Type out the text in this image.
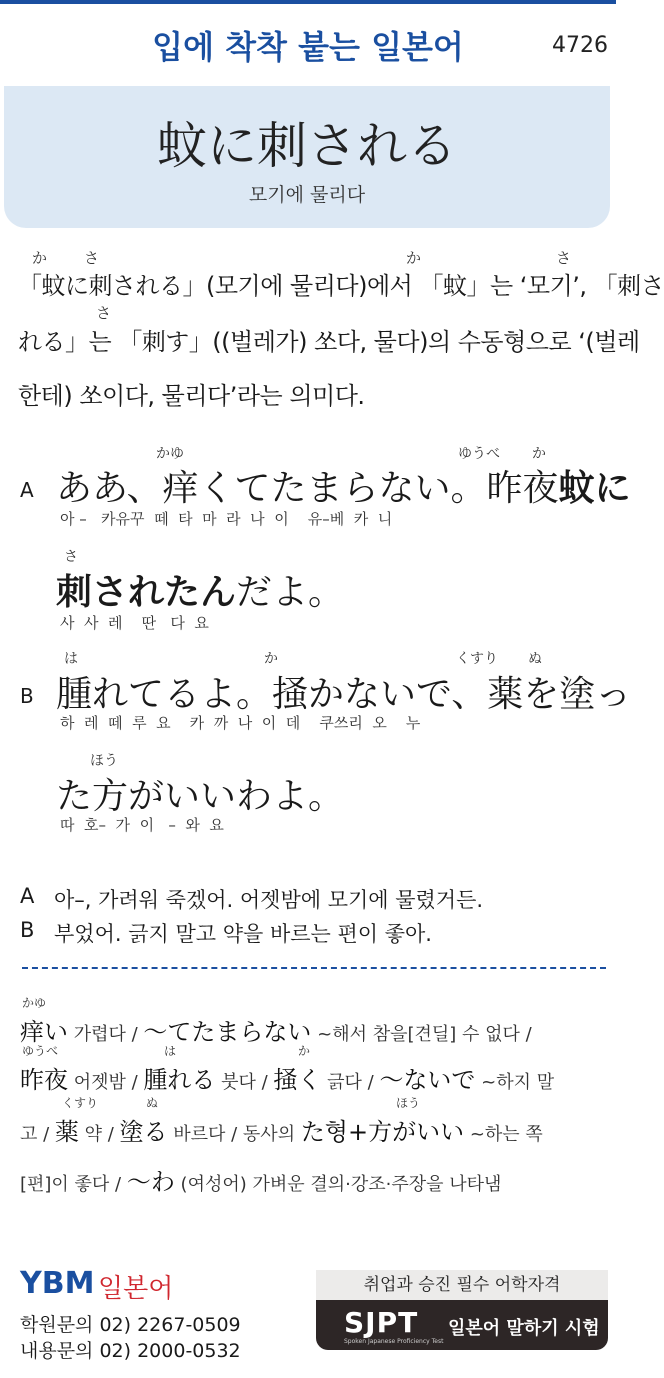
입에 착착 붙는 일본어	4726
蚊に刺される
모기에 물리다
か さ	か	さ
「蚊に刺される」(모기에 물리다)에서 「蚊」는 ‘모기’, 「刺さ
さ
れる」는 「刺す」((벌레가) 쏘다, 물다)의 수동형으로 ‘(벌레
한테) 쏘이다, 물리다’라는 의미다.
かゆ	ゆうべ か
A ああ、痒くてたまらない。昨夜蚊に
아 –   카유꾸  떼  타  마  라  나  이    유–베  카  니
さ
刺されたんだよ。
사  사  레    딴   다  요
は	か	くすり ぬ
B 腫れてるよ。掻かないで、薬を塗っ
하  레  떼  루  요    카  까  나  이  데    쿠쓰리  오    누
ほう
た方がいいわよ。
따  호–  가  이   –  와  요
A 아–, 가려워 죽겠어. 어젯밤에 모기에 물렸거든.
B 부었어. 긁지 말고 약을 바르는 편이 좋아.
かゆ
痒い 가렵다 / 〜てたまらない ~해서 참을[견딜] 수 없다 /
ゆうべ	は	か
昨夜 어젯밤 / 腫れる 붓다 / 掻く 긁다 / 〜ないで ~하지 말
くすり	ぬ	ほう
고 / 薬 약 / 塗る 바르다 / 동사의 た형+方がいい ~하는 쪽
[편]이 좋다 / 〜わ (여성어) 가벼운 결의·강조·주장을 나타냄
YBM 일본어
학원문의 02) 2267-0509
내용문의 02) 2000-0532
취업과 승진 필수 어학자격
SJPT
Spoken Japanese Proficiency Test
일본어 말하기 시험
